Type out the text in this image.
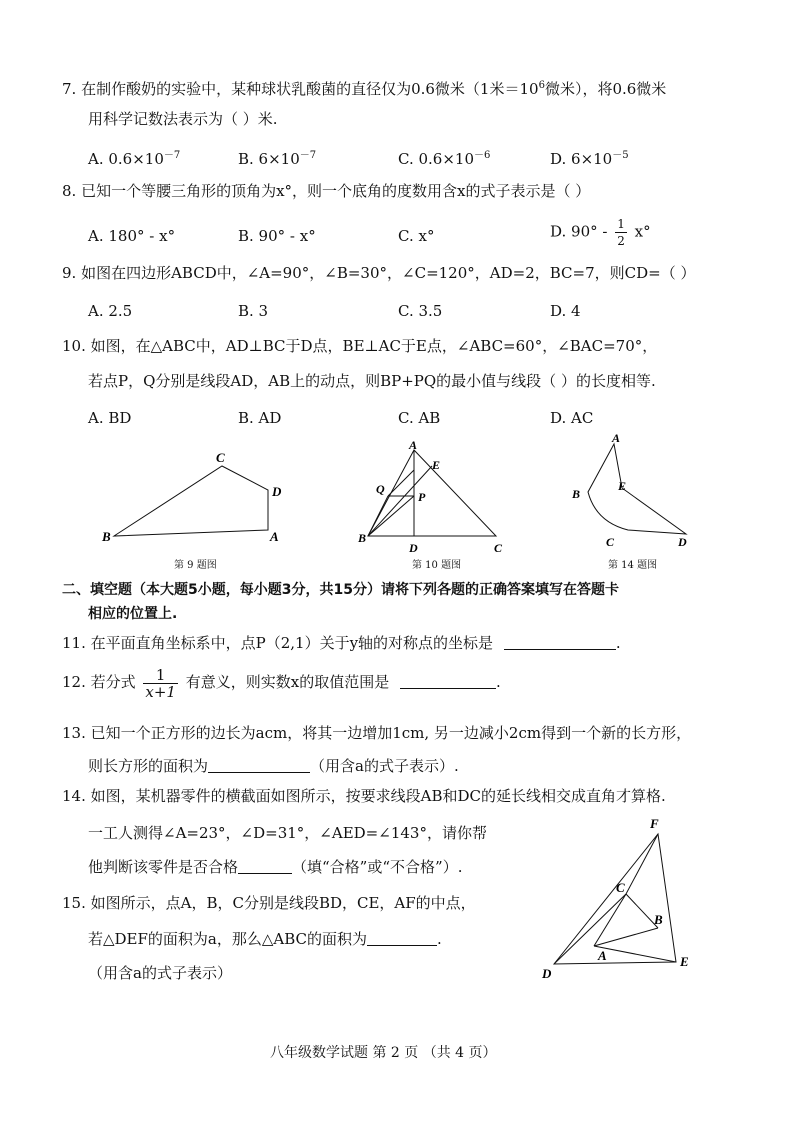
7. 在制作酸奶的实验中，某种球状乳酸菌的直径仅为0.6微米（1米$=10^6$微米），将0.6微米
用科学记数法表示为（ ）米.
A. $0.6\times 10^{-7}$	B. $6\times 10^{-7}$	C. $0.6\times 10^{-6}$	D. $6\times 10^{-5}$
8. 已知一个等腰三角形的顶角为x°，则一个底角的度数用含x的式子表示是（ ）
A. 180° - x°	B. 90° - x°	C. x°	D. $90^\circ - \frac{1}{2} x^\circ$
9. 如图在四边形ABCD中，∠A=90°，∠B=30°，∠C=120°，AD=2，BC=7，则CD=（ ）
A. 2.5	B. 3	C. 3.5	D. 4
10. 如图，在△ABC中，AD⊥BC于D点，BE⊥AC于E点，∠ABC=60°，∠BAC=70°，
若点P，Q分别是线段AD，AB上的动点，则BP+PQ的最小值与线段（ ）的长度相等.
A. BD	B. AD	C. AB	D. AC
C
D
B	A
第 9 题图
A
E
Q
P
B
D	C
第 10 题图
A
E
B
C	D
第 14 题图
二、填空题（本大题5小题，每小题3分，共15分）请将下列各题的正确答案填写在答题卡
相应的位置上.
11. 在平面直角坐标系中，点P（2,1）关于y轴的对称点的坐标是	.
12. 若分式 $\frac{1}{x+1}$ 有意义，则实数x的取值范围是	.
13. 已知一个正方形的边长为acm，将其一边增加1cm, 另一边减小2cm得到一个新的长方形，
则长方形的面积为	（用含a的式子表示）.
14. 如图，某机器零件的横截面如图所示，按要求线段AB和DC的延长线相交成直角才算格.
一工人测得∠A=23°，∠D=31°，∠AED=∠143°，请你帮
他判断该零件是否合格	（填“合格”或“不合格”）.
15. 如图所示，点A，B，C分别是线段BD，CE，AF的中点，
若△DEF的面积为a，那么△ABC的面积为	.
（用含a的式子表示）
F
C
B
A
D
E
八年级数学试题 第 2 页 （共 4 页）
